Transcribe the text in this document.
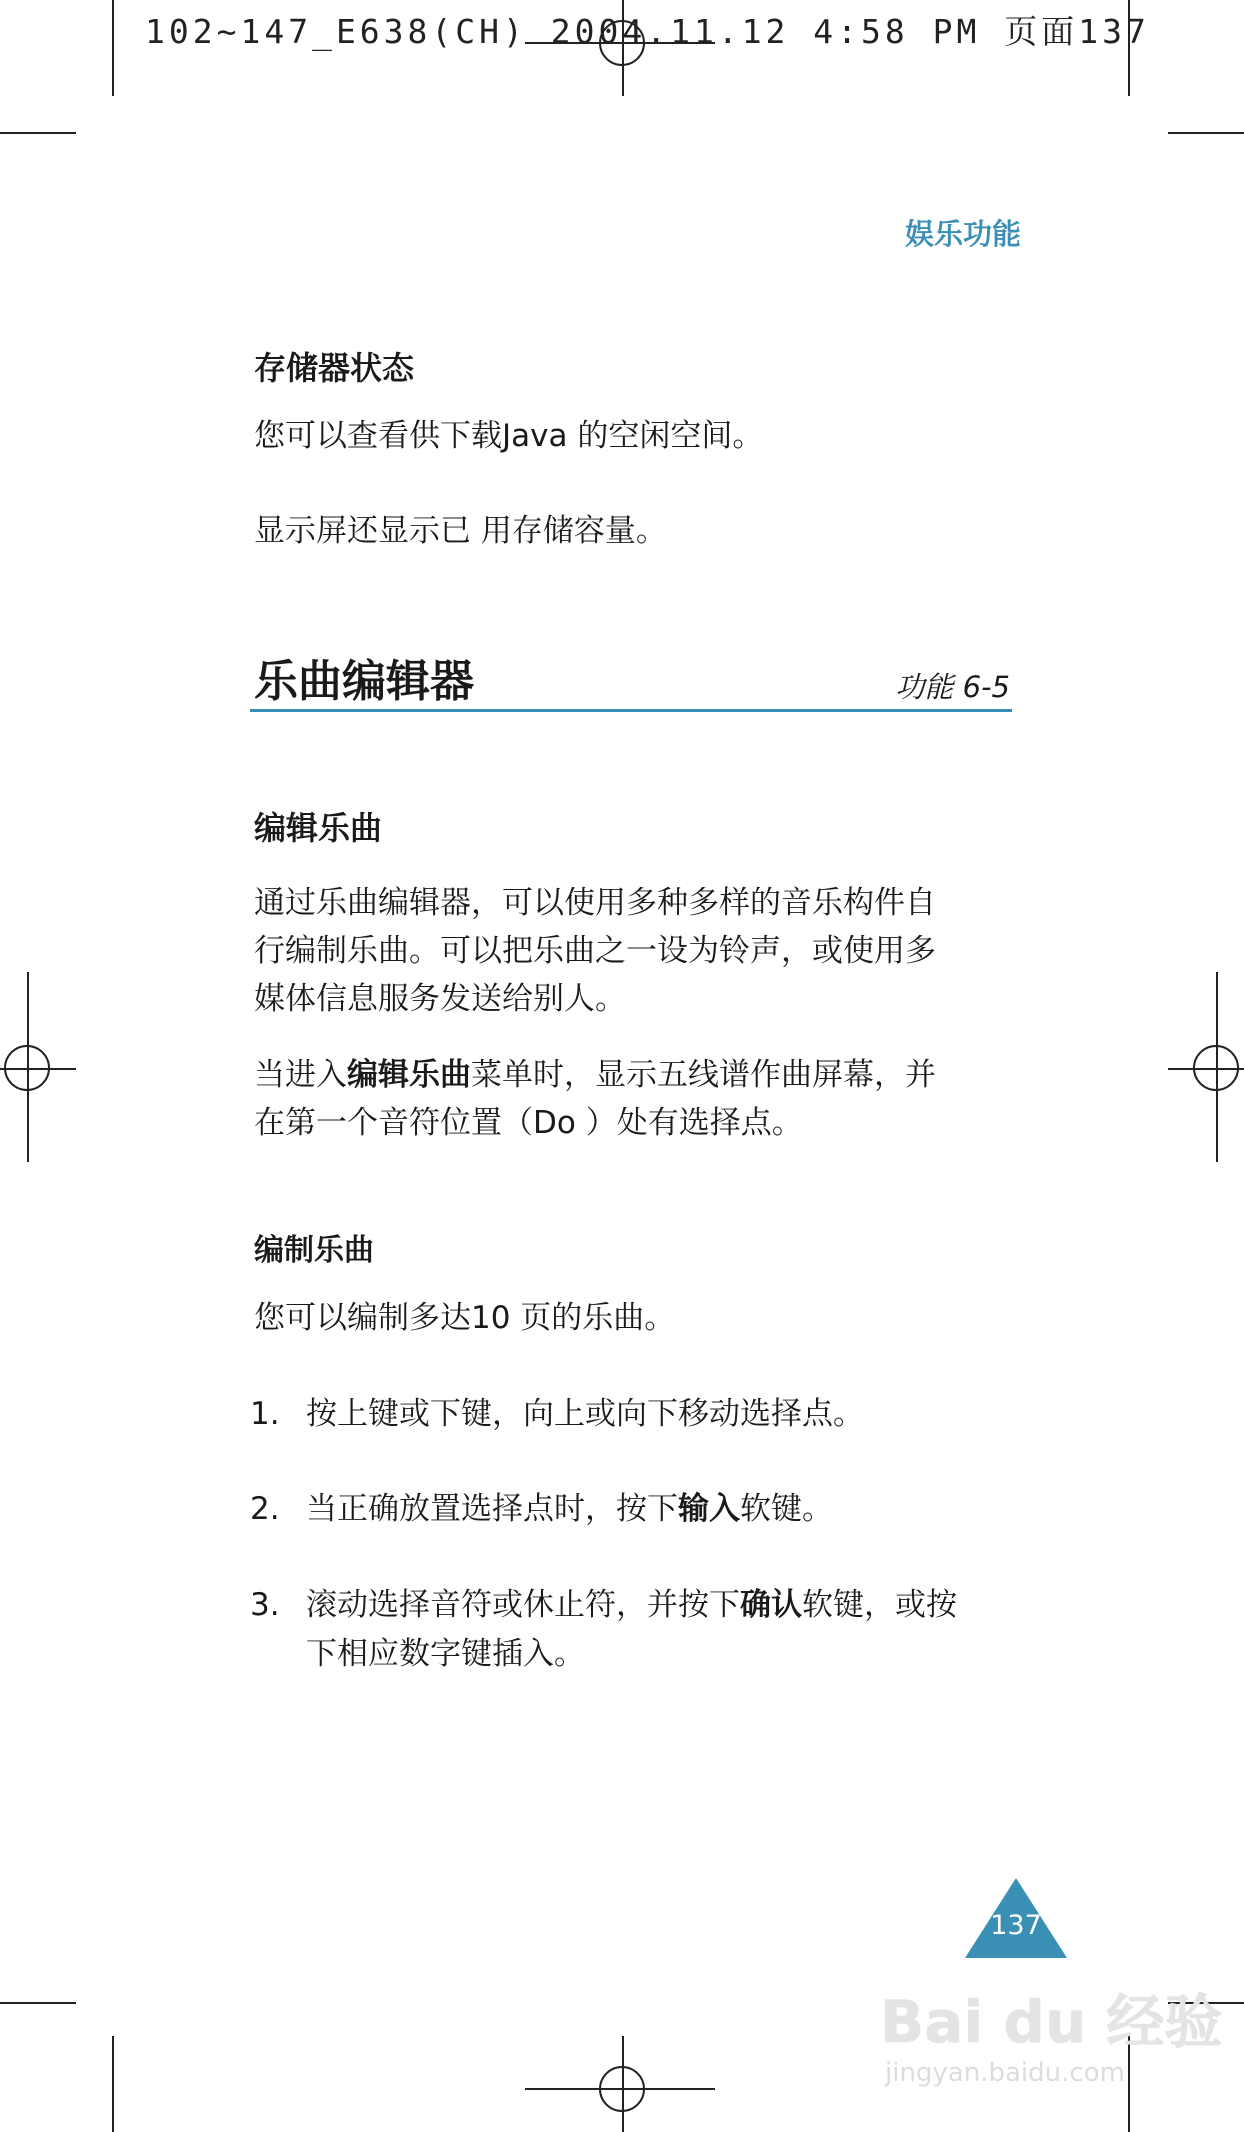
102~147_E638(CH) 2004.11.12 4:58 PM 页面137
娱乐功能
存储器状态
您可以查看供下载Java 的空闲空间。
显示屏还显示已 用存储容量。
乐曲编辑器	功能 6-5
编辑乐曲
通过乐曲编辑器，可以使用多种多样的音乐构件自
行编制乐曲。可以把乐曲之一设为铃声，或使用多
媒体信息服务发送给别人。
当进入编辑乐曲菜单时，显示五线谱作曲屏幕，并
在第一个音符位置（Do ）处有选择点。
编制乐曲
您可以编制多达10 页的乐曲。
1. 按上键或下键，向上或向下移动选择点。
2. 当正确放置选择点时，按下输入软键。
3. 滚动选择音符或休止符，并按下确认软键，或按
下相应数字键插入。
137
Bai du 经验
jingyan.baidu.com
